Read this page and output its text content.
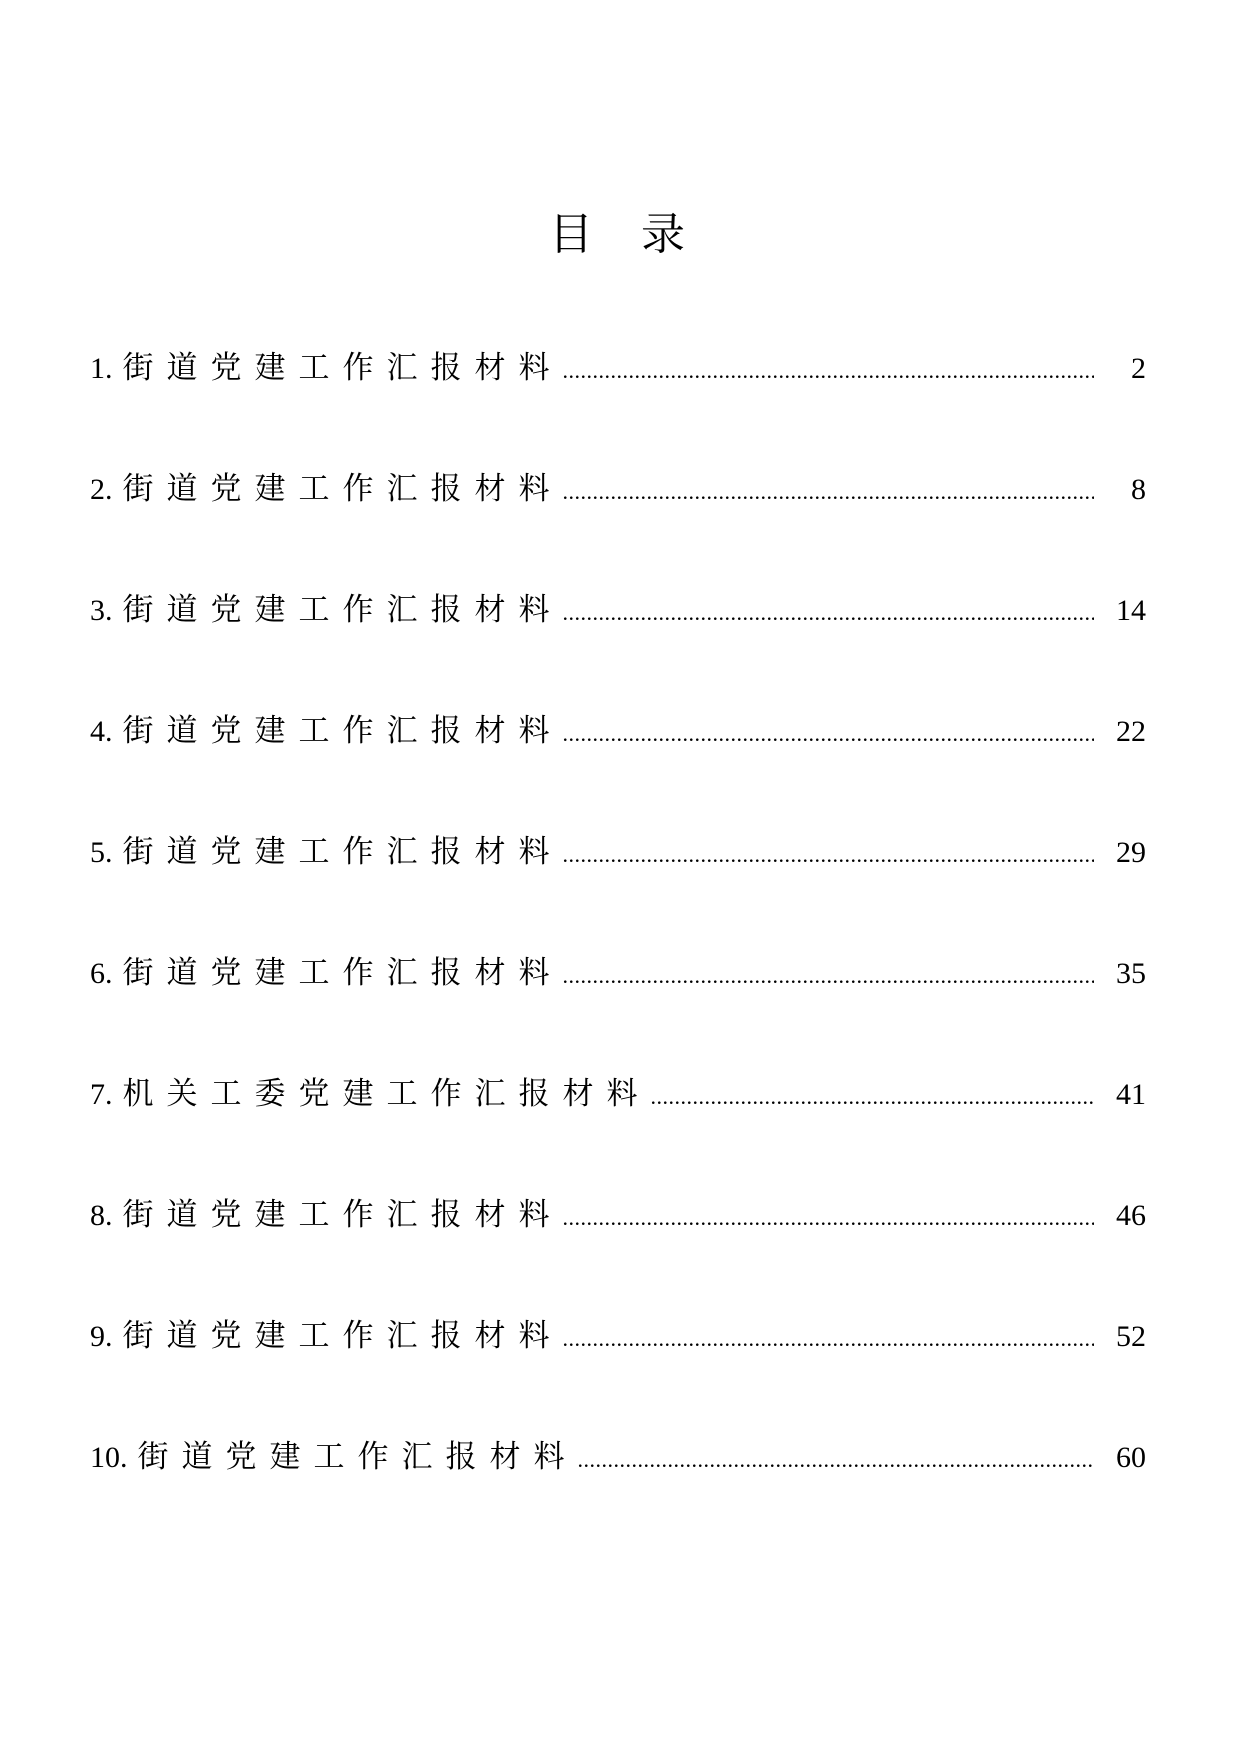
目录
1. 街道党建工作汇报材料 .....	2
2. 街道党建工作汇报材料 .....	8
3. 街道党建工作汇报材料 .....	14
4. 街道党建工作汇报材料 .....	22
5. 街道党建工作汇报材料 .....	29
6. 街道党建工作汇报材料 .....	35
7. 机关工委党建工作汇报材料 .....	41
8. 街道党建工作汇报材料 .....	46
9. 街道党建工作汇报材料 .....	52
10. 街道党建工作汇报材料 .....	60
